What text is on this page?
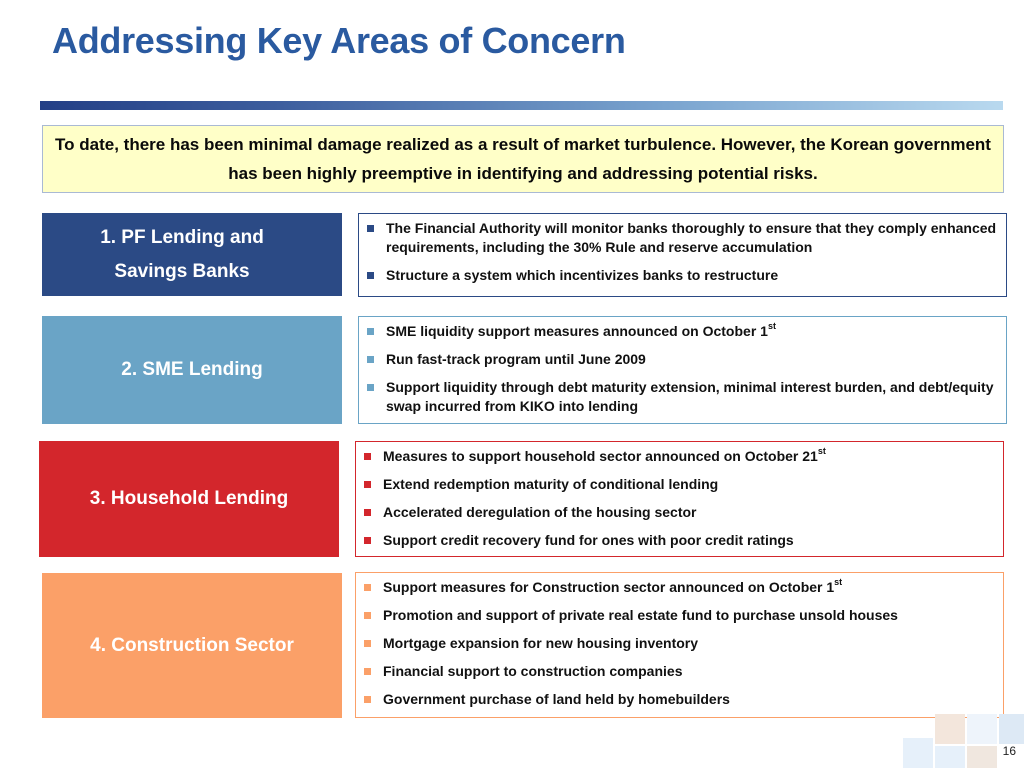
Addressing Key Areas of Concern
To date, there has been minimal damage realized as a result of market turbulence. However, the Korean government has been highly preemptive in identifying and addressing potential risks.
1. PF Lending and
Savings Banks
The Financial Authority will monitor banks thoroughly to ensure that they comply enhanced requirements, including the 30% Rule and reserve accumulation
Structure a system which incentivizes banks to restructure
2. SME Lending
SME liquidity support measures announced on October 1st
Run fast-track program until June 2009
Support liquidity through debt maturity extension, minimal interest burden, and debt/equity swap incurred from KIKO into lending
3. Household Lending
Measures to support household sector announced on October 21st
Extend redemption maturity of conditional lending
Accelerated deregulation of the housing sector
Support credit recovery fund for ones with poor credit ratings
4. Construction Sector
Support measures for Construction sector announced on October 1st
Promotion and support of private real estate fund to purchase unsold houses
Mortgage expansion for new housing inventory
Financial support to construction companies
Government purchase of land held by homebuilders
16
